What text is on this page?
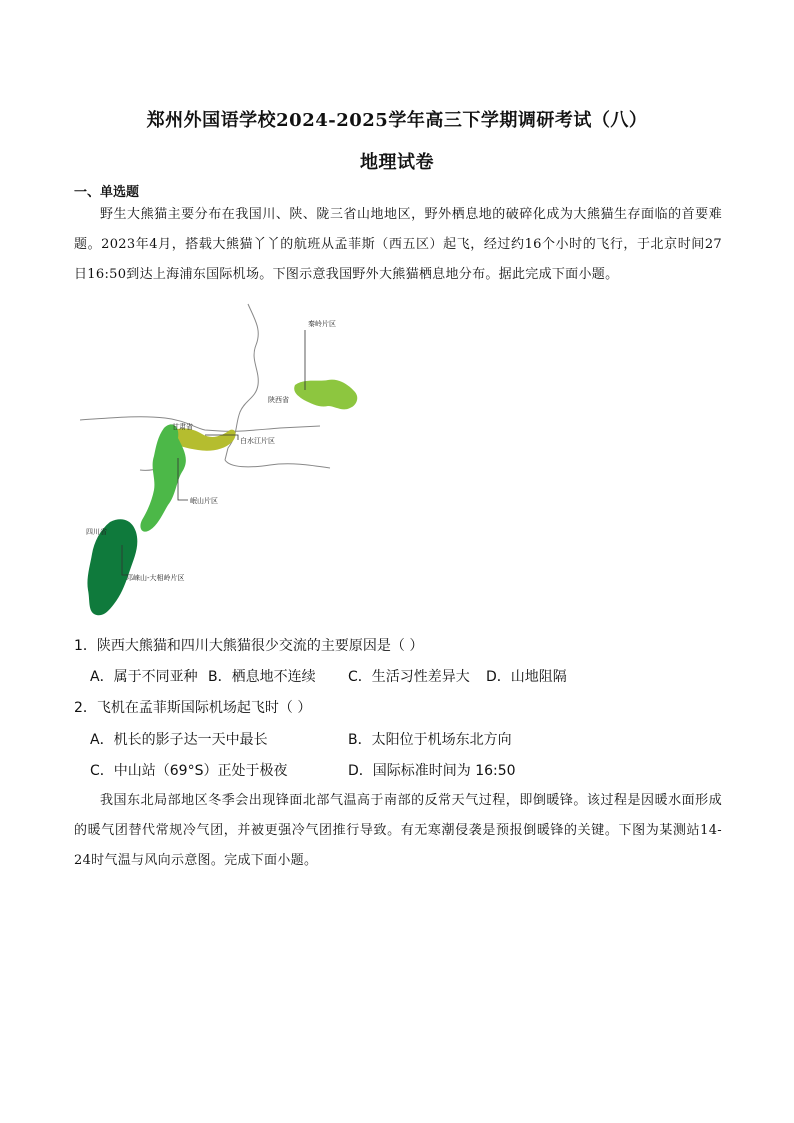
郑州外国语学校2024-2025学年高三下学期调研考试（八）
地理试卷
一、单选题
野生大熊猫主要分布在我国川、陕、陇三省山地地区，野外栖息地的破碎化成为大熊猫生存面临的首要难题。2023年4月，搭载大熊猫丫丫的航班从孟菲斯（西五区）起飞，经过约16个小时的飞行，于北京时间27日16:50到达上海浦东国际机场。下图示意我国野外大熊猫栖息地分布。据此完成下面小题。
秦岭片区
陕西省
甘肃省
白水江片区
岷山片区
四川省
邛崃山-大相岭片区
1．陕西大熊猫和四川大熊猫很少交流的主要原因是（ ）
A．属于不同亚种 B．栖息地不连续 C．生活习性差异大 D．山地阻隔
2．飞机在孟菲斯国际机场起飞时（ ）
A．机长的影子达一天中最长	B．太阳位于机场东北方向
C．中山站（69°S）正处于极夜	D．国际标准时间为 16:50
我国东北局部地区冬季会出现锋面北部气温高于南部的反常天气过程，即倒暖锋。该过程是因暖水面形成的暖气团替代常规冷气团，并被更强冷气团推行导致。有无寒潮侵袭是预报倒暖锋的关键。下图为某测站14-24时气温与风向示意图。完成下面小题。
